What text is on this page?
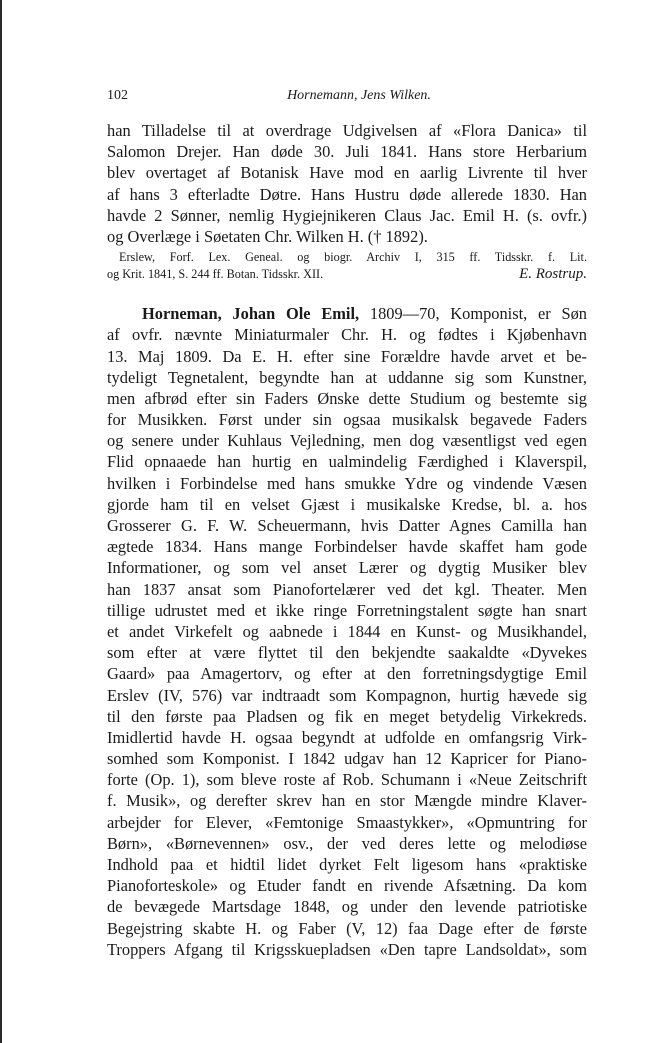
102	Hornemann, Jens Wilken.
han Tilladelse til at overdrage Udgivelsen af «Flora Danica» til
Salomon Drejer. Han døde 30. Juli 1841. Hans store Herbarium
blev overtaget af Botanisk Have mod en aarlig Livrente til hver
af hans 3 efterladte Døtre. Hans Hustru døde allerede 1830. Han
havde 2 Sønner, nemlig Hygiejnikeren Claus Jac. Emil H. (s. ovfr.)
og Overlæge i Søetaten Chr. Wilken H. († 1892).
Erslew, Forf. Lex. Geneal. og biogr. Archiv I, 315 ff. Tidsskr. f. Lit.
og Krit. 1841, S. 244 ff. Botan. Tidsskr. XII.	E. Rostrup.
Horneman, Johan Ole Emil, 1809—70, Komponist, er Søn
af ovfr. nævnte Miniaturmaler Chr. H. og fødtes i Kjøbenhavn
13. Maj 1809. Da E. H. efter sine Forældre havde arvet et be-
tydeligt Tegnetalent, begyndte han at uddanne sig som Kunstner,
men afbrød efter sin Faders Ønske dette Studium og bestemte sig
for Musikken. Først under sin ogsaa musikalsk begavede Faders
og senere under Kuhlaus Vejledning, men dog væsentligst ved egen
Flid opnaaede han hurtig en ualmindelig Færdighed i Klaverspil,
hvilken i Forbindelse med hans smukke Ydre og vindende Væsen
gjorde ham til en velset Gjæst i musikalske Kredse, bl. a. hos
Grosserer G. F. W. Scheuermann, hvis Datter Agnes Camilla han
ægtede 1834. Hans mange Forbindelser havde skaffet ham gode
Informationer, og som vel anset Lærer og dygtig Musiker blev
han 1837 ansat som Pianofortelærer ved det kgl. Theater. Men
tillige udrustet med et ikke ringe Forretningstalent søgte han snart
et andet Virkefelt og aabnede i 1844 en Kunst- og Musikhandel,
som efter at være flyttet til den bekjendte saakaldte «Dyvekes
Gaard» paa Amagertorv, og efter at den forretningsdygtige Emil
Erslev (IV, 576) var indtraadt som Kompagnon, hurtig hævede sig
til den første paa Pladsen og fik en meget betydelig Virkekreds.
Imidlertid havde H. ogsaa begyndt at udfolde en omfangsrig Virk-
somhed som Komponist. I 1842 udgav han 12 Kapricer for Piano-
forte (Op. 1), som bleve roste af Rob. Schumann i «Neue Zeitschrift
f. Musik», og derefter skrev han en stor Mængde mindre Klaver-
arbejder for Elever, «Femtonige Smaastykker», «Opmuntring for
Børn», «Børnevennen» osv., der ved deres lette og melodiøse
Indhold paa et hidtil lidet dyrket Felt ligesom hans «praktiske
Pianoforteskole» og Etuder fandt en rivende Afsætning. Da kom
de bevægede Martsdage 1848, og under den levende patriotiske
Begejstring skabte H. og Faber (V, 12) faa Dage efter de første
Troppers Afgang til Krigsskuepladsen «Den tapre Landsoldat», som
